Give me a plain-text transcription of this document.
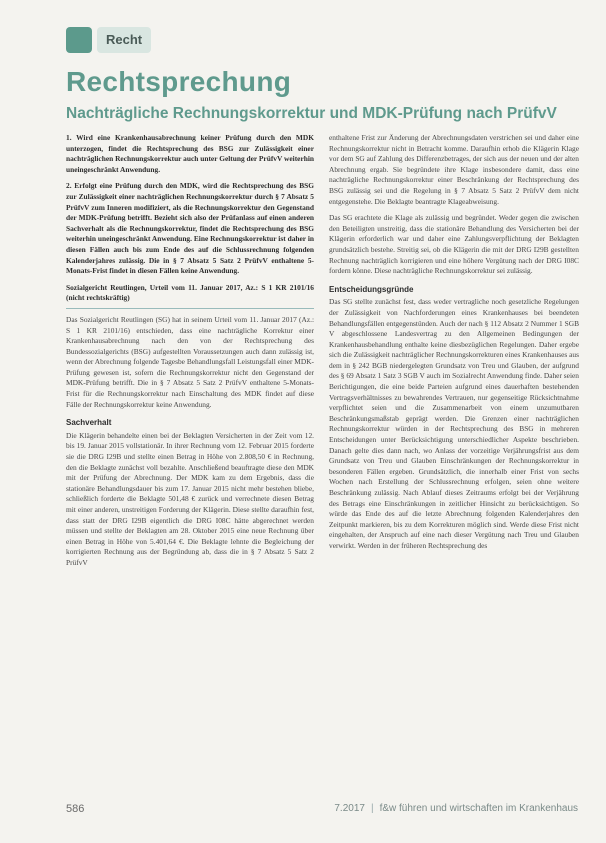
Recht
Rechtsprechung
Nachträgliche Rechnungskorrektur und MDK-Prüfung nach PrüfvV

1. Wird eine Krankenhausabrechnung keiner Prüfung durch den MDK unterzogen, findet die Rechtsprechung des BSG zur Zulässigkeit einer nachträglichen Rechnungskorrektur auch unter Geltung der PrüfvV weiterhin uneingeschränkt Anwendung.

2. Erfolgt eine Prüfung durch den MDK, wird die Rechtsprechung des BSG zur Zulässigkeit einer nachträglichen Rechnungskorrektur durch § 7 Absatz 5 PrüfvV zum Inneren modifiziert, als die Rechnungskorrektur den Gegenstand der MDK-Prüfung betrifft. Bezieht sich also der Prüfanlass auf einen anderen Sachverhalt als die Rechnungskorrektur, findet die Rechtsprechung des BSG weiterhin uneingeschränkt Anwendung. Eine Rechnungskorrektur ist daher in diesen Fällen auch bis zum Ende des auf die Schlussrechnung folgenden Kalenderjahres zulässig. Die in § 7 Absatz 5 Satz 2 PrüfvV enthaltene 5-Monats-Frist findet in diesen Fällen keine Anwendung.

Sozialgericht Reutlingen, Urteil vom 11. Januar 2017, Az.: S 1 KR 2101/16 (nicht rechtskräftig)

Das Sozialgericht Reutlingen (SG) hat in seinem Urteil vom 11. Januar 2017 (Az.: S 1 KR 2101/16) entschieden, dass eine nachträgliche Korrektur einer Krankenhausabrechnung nach den von der Rechtsprechung des Bundessozialgerichts (BSG) aufgestellten Voraussetzungen auch dann zulässig ist, wenn der Abrechnung folgende Tagesbe Behandlungsfall Leistungsfall einer MDK-Prüfung gewesen ist, sofern die Rechnungskorrektur nicht den Gegenstand der MDK-Prüfung betrifft. Die in § 7 Absatz 5 Satz 2 PrüfvV enthaltene 5-Monats-Frist für die Rechnungskorrektur nach Einschaltung des MDK findet auf diese Fälle der Rechnungskorrektur keine Anwendung.

Sachverhalt

Die Klägerin behandelte einen bei der Beklagten Versicherten in der Zeit vom 12. bis 19. Januar 2015 vollstationär. In ihrer Rechnung vom 12. Februar 2015 forderte sie die DRG I29B und stellte einen Betrag in Höhe von 2.808,50 € in Rechnung, den die Beklagte zunächst voll bezahlte. Anschließend beauftragte diese den MDK mit der Prüfung der Abrechnung. Der MDK kam zu dem Ergebnis, dass die stationäre Behandlungsdauer bis zum 17. Januar 2015 nicht mehr bestehen bliebe, schließlich forderte die Beklagte 501,48 € zurück und verrechnete diesen Betrag mit einer anderen, unstreitigen Forderung der Klägerin. Diese stellte daraufhin fest, dass statt der DRG I29B eigentlich die DRG I08C hätte abgerechnet werden müssen und stellte der Beklagten am 28. Oktober 2015 eine neue Rechnung über einen Betrag in Höhe von 5.401,64 €. Die Beklagte lehnte die Begleichung der korrigierten Rechnung aus der Begründung ab, dass die in § 7 Absatz 5 Satz 2 PrüfvV

enthaltene Frist zur Änderung der Abrechnungsdaten verstrichen sei und daher eine Rechnungskorrektur nicht in Betracht komme. Daraufhin erhob die Klägerin Klage vor dem SG auf Zahlung des Differenzbetrages, der sich aus der neuen und der alten Abrechnung ergab. Sie begründete ihre Klage insbesondere damit, dass eine nachträgliche Rechnungskorrektur einer Beschränkung der Rechtsprechung des BSG zulässig sei und die Regelung in § 7 Absatz 5 Satz 2 PrüfvV dem nicht entgegenstehe. Die Beklagte beantragte Klageabweisung.

Das SG erachtete die Klage als zulässig und begründet. Weder gegen die zwischen den Beteiligten unstreitig, dass die stationäre Behandlung des Versicherten bei der Klägerin erforderlich war und daher eine Zahlungsverpflichtung der Beklagten grundsätzlich bestehe. Streitig sei, ob die Klägerin die mit der DRG I29B gestellten Rechnung nachträglich korrigieren und eine höhere Vergütung nach der DRG I08C fordern könne. Diese nachträgliche Rechnungskorrektur sei zulässig.

Entscheidungsgründe

Das SG stellte zunächst fest, dass weder vertragliche noch gesetzliche Regelungen der Zulässigkeit von Nachforderungen eines Krankenhauses bei beendeten Behandlungsfällen entgegenstünden. Auch der nach § 112 Absatz 2 Nummer 1 SGB V abgeschlossene Landesvertrag zu den Allgemeinen Bedingungen der Krankenhausbehandlung enthalte keine diesbezüglichen Regelungen. Daher ergebe sich die Zulässigkeit nachträglicher Rechnungskorrekturen eines Krankenhauses aus dem in § 242 BGB niedergelegten Grundsatz von Treu und Glauben, der aufgrund des § 69 Absatz 1 Satz 3 SGB V auch im Sozialrecht Anwendung finde. Daher seien Berichtigungen, die eine beide Parteien aufgrund eines dauerhaften bestehenden Vertragsverhältnisses zu bewahrendes Vertrauen, nur gegenseitige Rücksichtnahme verpflichtet seien und die Zusammenarbeit von einem unzumutbaren Beschränkungsmaßstab geprägt werden. Die Grenzen einer nachträglichen Rechnungskorrektur würden in der Rechtsprechung des BSG in mehreren Entscheidungen unter Berücksichtigung unterschiedlicher Aspekte beschrieben. Danach gelte dies dann nach, wo Anlass der vorzeitige Verjährungsfrist aus dem Grundsatz von Treu und Glauben Einschränkungen der Rechnungskorrektur in besonderen Fällen ergeben. Grundsätzlich, die innerhalb einer Frist von sechs Wochen nach Erstellung der Schlussrechnung erfolgen, seien ohne weitere Beschränkung zulässig. Nach Ablauf dieses Zeitraums erfolgt bei der Verjährung des Betrags eine Einschränkungen in zeitlicher Hinsicht zu berücksichtigen. So würde das Ende des auf die letzte Abrechnung folgenden Kalenderjahres den Zeitpunkt markieren, bis zu dem Korrekturen möglich sind. Werde diese Frist nicht eingehalten, der Anspruch auf eine nach dieser Vergütung nach Treu und Glauben verwirkt. Werden in der früheren Rechtsprechung des

586	7.2017 | f&w führen und wirtschaften im Krankenhaus
